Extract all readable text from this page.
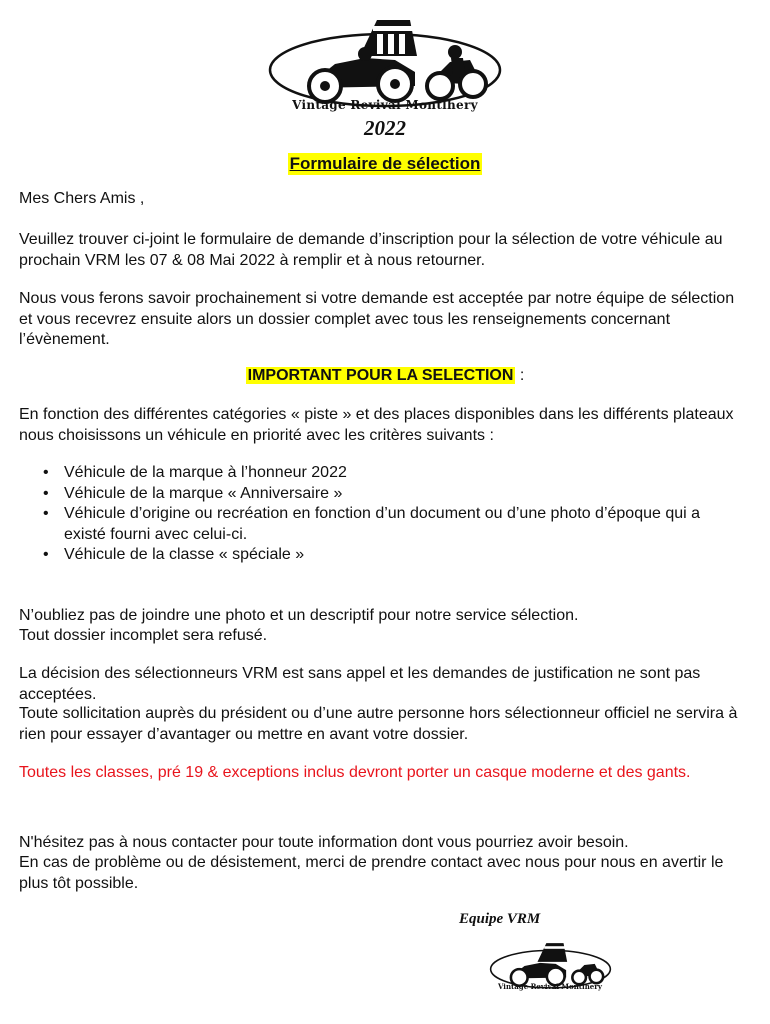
Vintage Revival Montlhery
2022
Formulaire de sélection

Mes Chers Amis ,

Veuillez trouver ci-joint le formulaire de demande d’inscription pour la sélection de votre véhicule au prochain VRM les 07 & 08 Mai 2022 à remplir et à nous retourner.

Nous vous ferons savoir prochainement si votre demande est acceptée par notre équipe de sélection et vous recevrez ensuite alors un dossier complet avec tous les renseignements concernant l’évènement.

IMPORTANT POUR LA SELECTION :

En fonction des différentes catégories « piste » et des places disponibles dans les différents plateaux nous choisissons un véhicule en priorité avec les critères suivants :

• Véhicule de la marque à l’honneur 2022
• Véhicule de la marque « Anniversaire »
• Véhicule d’origine ou recréation en fonction d’un document ou d’une photo d’époque qui a existé fourni avec celui-ci.
• Véhicule de la classe « spéciale »

N’oubliez pas de joindre une photo et un descriptif pour notre service sélection.

Tout dossier incomplet sera refusé.

La décision des sélectionneurs VRM est sans appel et les demandes de justification ne sont pas acceptées.

Toute sollicitation auprès du président ou d’une autre personne hors sélectionneur officiel ne servira à rien pour essayer d’avantager ou mettre en avant votre dossier.

Toutes les classes, pré 19 & exceptions inclus devront porter un casque moderne et des gants.

N'hésitez pas à nous contacter pour toute information dont vous pourriez avoir besoin.

En cas de problème ou de désistement, merci de prendre contact avec nous pour nous en avertir le plus tôt possible.

Equipe VRM
Vintage Revival Montlhery
